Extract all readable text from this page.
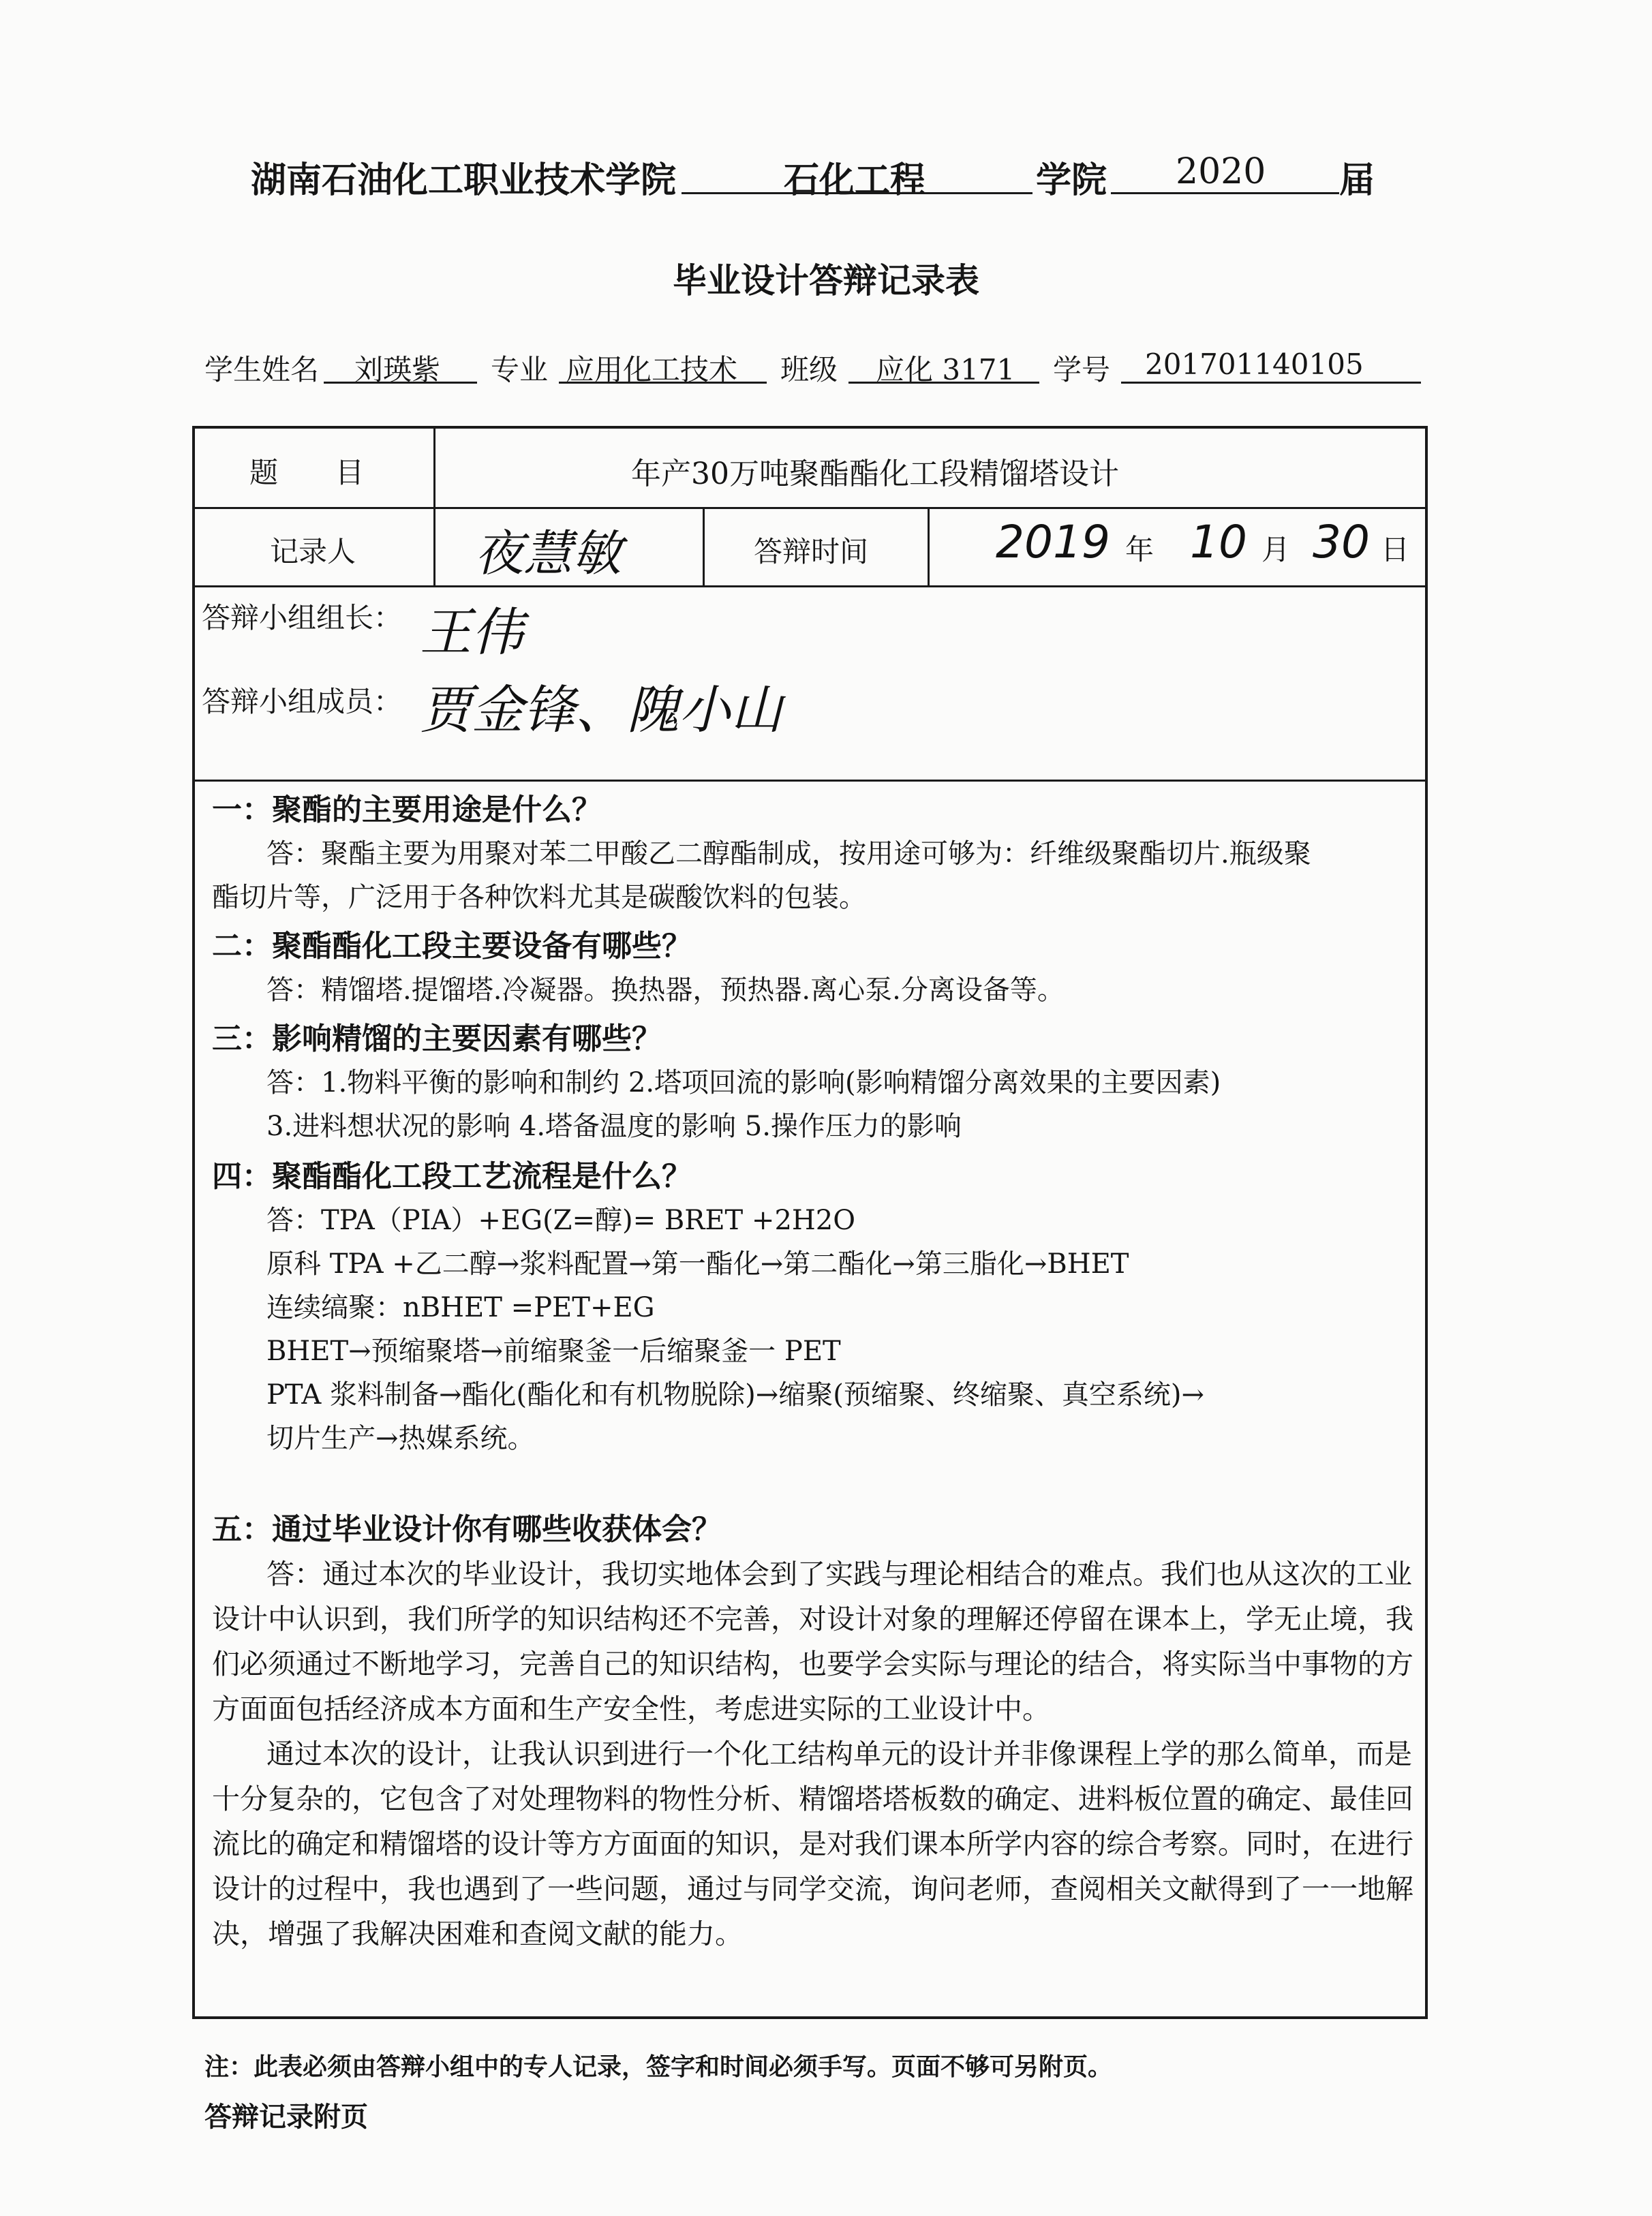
湖南石油化工职业技术学院	石化工程	学院 2020 届
毕业设计答辩记录表
学生姓名 刘瑛紫 专业 应用化工技术 班级 应化 3171 学号 201701140105
题　　目	年产30万吨聚酯酯化工段精馏塔设计
记录人 夜慧敏	答辩时间	2019 年 10 月 30 日
答辩小组组长： 王伟
答辩小组成员： 贾金锋、隗小山
一：聚酯的主要用途是什么？
答：聚酯主要为用聚对苯二甲酸乙二醇酯制成，按用途可够为：纤维级聚酯切片.瓶级聚
酯切片等，广泛用于各种饮料尤其是碳酸饮料的包装。
二：聚酯酯化工段主要设备有哪些？
答：精馏塔.提馏塔.冷凝器。换热器，预热器.离心泵.分离设备等。
三：影响精馏的主要因素有哪些？
答：1.物料平衡的影响和制约 2.塔项回流的影响(影响精馏分离效果的主要因素)
3.进料想状况的影响 4.塔备温度的影响 5.操作压力的影响
四：聚酯酯化工段工艺流程是什么？
答：TPA（PIA）+EG(Z=醇)= BRET +2H2O
原科 TPA +乙二醇→浆料配置→第一酯化→第二酯化→第三脂化→BHET
连续缟聚：nBHET =PET+EG
BHET→预缩聚塔→前缩聚釜一后缩聚釜一 PET
PTA 浆料制备→酯化(酯化和有机物脱除)→缩聚(预缩聚、终缩聚、真空系统)→
切片生产→热媒系统。
五：通过毕业设计你有哪些收获体会？
答：通过本次的毕业设计，我切实地体会到了实践与理论相结合的难点。我们也从这次的工业设计中认识到，我们所学的知识结构还不完善，对设计对象的理解还停留在课本上，学无止境，我们必须通过不断地学习，完善自己的知识结构，也要学会实际与理论的结合，将实际当中事物的方方面面包括经济成本方面和生产安全性，考虑进实际的工业设计中。
通过本次的设计，让我认识到进行一个化工结构单元的设计并非像课程上学的那么简单，而是十分复杂的，它包含了对处理物料的物性分析、精馏塔塔板数的确定、进料板位置的确定、最佳回流比的确定和精馏塔的设计等方方面面的知识，是对我们课本所学内容的综合考察。同时，在进行设计的过程中，我也遇到了一些问题，通过与同学交流，询问老师，查阅相关文献得到了一一地解决，增强了我解决困难和查阅文献的能力。
注：此表必须由答辩小组中的专人记录，签字和时间必须手写。页面不够可另附页。
答辩记录附页
